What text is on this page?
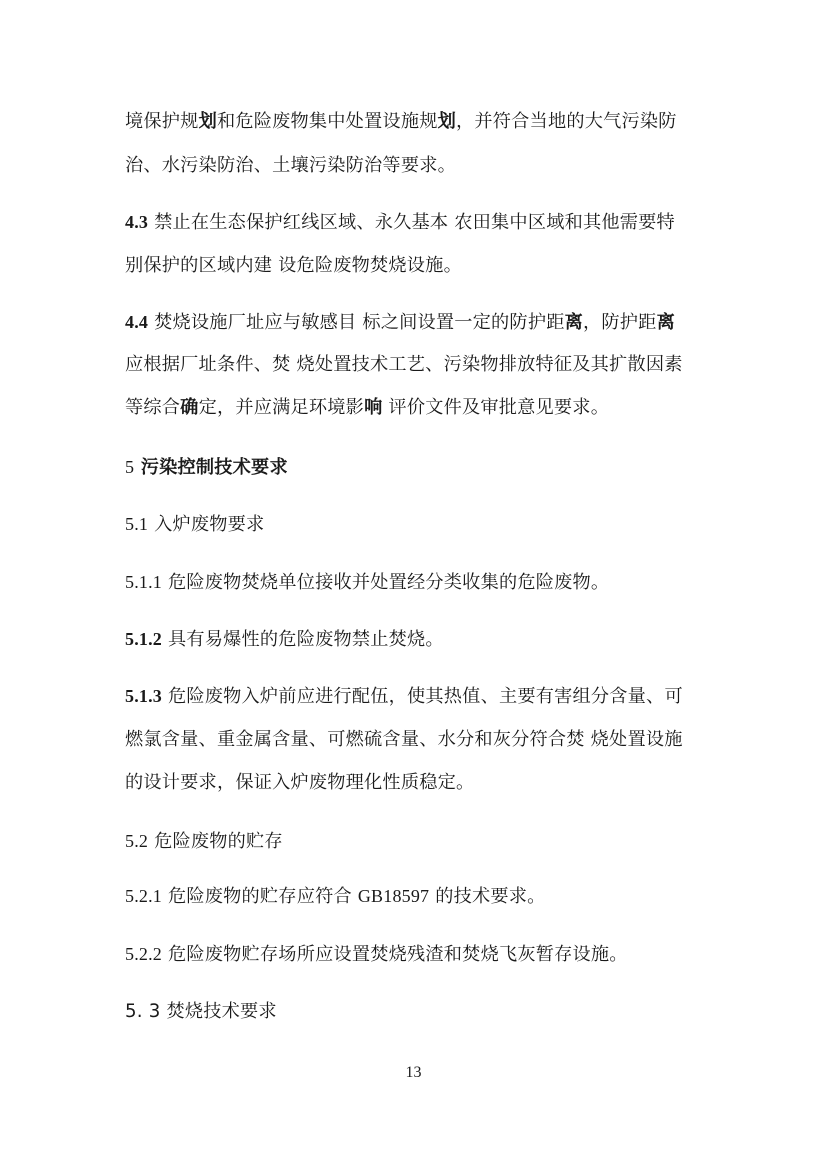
境保护规划和危险废物集中处置设施规划，并符合当地的大气污染防
治、水污染防治、土壤污染防治等要求。
4.3 禁止在生态保护红线区域、永久基本 农田集中区域和其他需要特
别保护的区域内建 设危险废物焚烧设施。
4.4 焚烧设施厂址应与敏感目 标之间设置一定的防护距离，防护距离
应根据厂址条件、焚 烧处置技术工艺、污染物排放特征及其扩散因素
等综合确定，并应满足环境影响 评价文件及审批意见要求。
5 污染控制技术要求
5.1 入炉废物要求
5.1.1 危险废物焚烧单位接收并处置经分类收集的危险废物。
5.1.2 具有易爆性的危险废物禁止焚烧。
5.1.3 危险废物入炉前应进行配伍，使其热值、主要有害组分含量、可
燃氯含量、重金属含量、可燃硫含量、水分和灰分符合焚 烧处置设施
的设计要求，保证入炉废物理化性质稳定。
5.2 危险废物的贮存
5.2.1 危险废物的贮存应符合 GB18597 的技术要求。
5.2.2 危险废物贮存场所应设置焚烧残渣和焚烧飞灰暂存设施。
5. 3 焚烧技术要求
13
